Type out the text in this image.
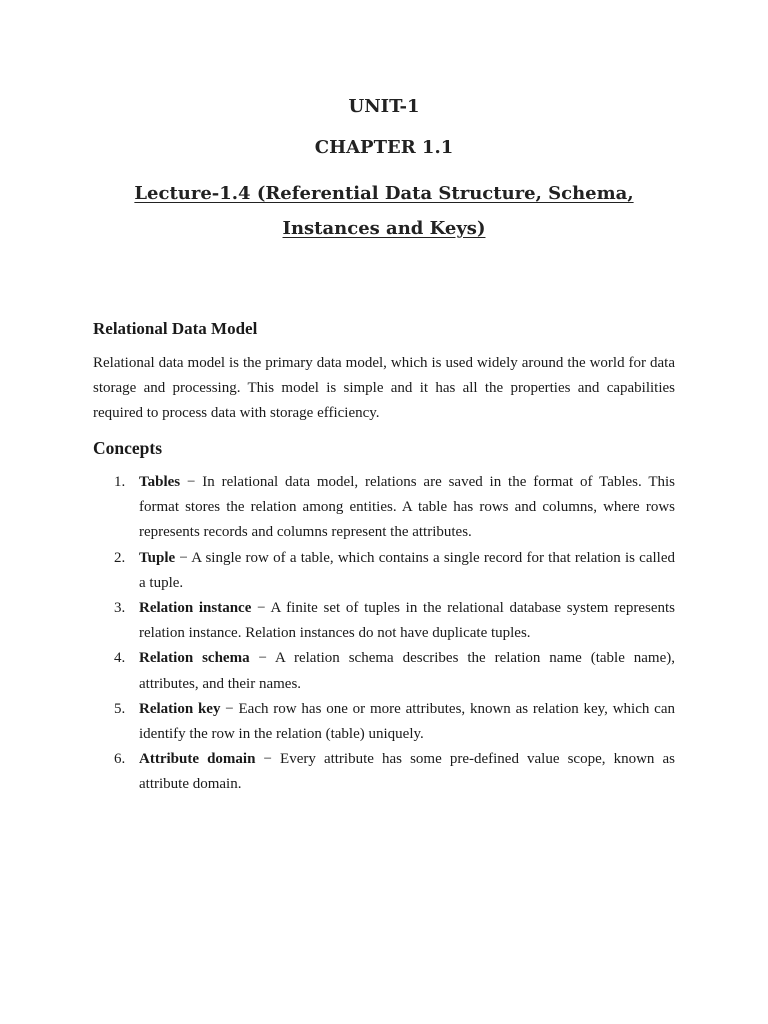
UNIT-1
CHAPTER 1.1
Lecture-1.4 (Referential Data Structure, Schema, Instances and Keys)
Relational Data Model
Relational data model is the primary data model, which is used widely around the world for data storage and processing. This model is simple and it has all the properties and capabilities required to process data with storage efficiency.
Concepts
1. Tables − In relational data model, relations are saved in the format of Tables. This format stores the relation among entities. A table has rows and columns, where rows represents records and columns represent the attributes.
2. Tuple − A single row of a table, which contains a single record for that relation is called a tuple.
3. Relation instance − A finite set of tuples in the relational database system represents relation instance. Relation instances do not have duplicate tuples.
4. Relation schema − A relation schema describes the relation name (table name), attributes, and their names.
5. Relation key − Each row has one or more attributes, known as relation key, which can identify the row in the relation (table) uniquely.
6. Attribute domain − Every attribute has some pre-defined value scope, known as attribute domain.
